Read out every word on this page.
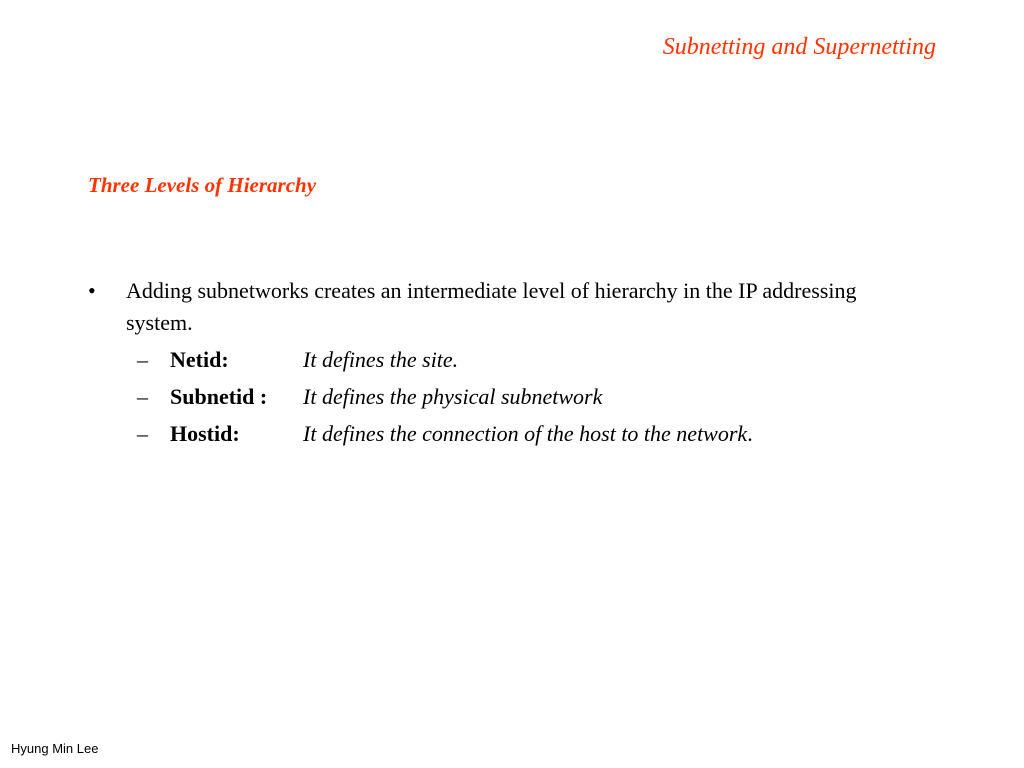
Subnetting and Supernetting
Three Levels of Hierarchy
• Adding subnetworks creates an intermediate level of hierarchy in the IP addressing system.
– Netid:	It defines the site.
– Subnetid : It defines the physical subnetwork
– Hostid:	It defines the connection of the host to the network.
Hyung Min Lee
